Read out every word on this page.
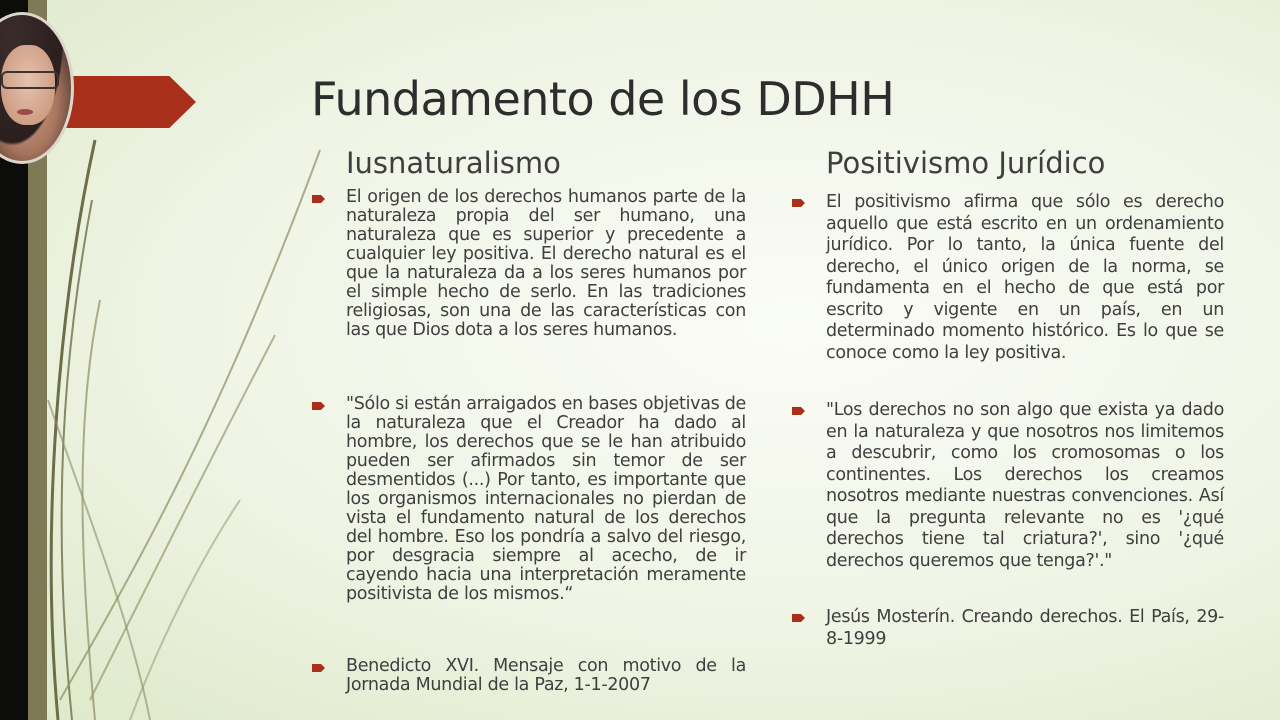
Fundamento de los DDHH
Iusnaturalismo	Positivismo Jurídico

El origen de los derechos humanos parte de la naturaleza propia del ser humano, una naturaleza que es superior y precedente a cualquier ley positiva. El derecho natural es el que la naturaleza da a los seres humanos por el simple hecho de serlo. En las tradiciones religiosas, son una de las características con las que Dios dota a los seres humanos.

"Sólo si están arraigados en bases objetivas de la naturaleza que el Creador ha dado al hombre, los derechos que se le han atribuido pueden ser afirmados sin temor de ser desmentidos (...) Por tanto, es importante que los organismos internacionales no pierdan de vista el fundamento natural de los derechos del hombre. Eso los pondría a salvo del riesgo, por desgracia siempre al acecho, de ir cayendo hacia una interpretación meramente positivista de los mismos.“

Benedicto XVI. Mensaje con motivo de la Jornada Mundial de la Paz, 1-1-2007

El positivismo afirma que sólo es derecho aquello que está escrito en un ordenamiento jurídico. Por lo tanto, la única fuente del derecho, el único origen de la norma, se fundamenta en el hecho de que está por escrito y vigente en un país, en un determinado momento histórico. Es lo que se conoce como la ley positiva.

"Los derechos no son algo que exista ya dado en la naturaleza y que nosotros nos limitemos a descubrir, como los cromosomas o los continentes. Los derechos los creamos nosotros mediante nuestras convenciones. Así que la pregunta relevante no es '¿qué derechos tiene tal criatura?', sino '¿qué derechos queremos que tenga?'."

Jesús Mosterín. Creando derechos. El País, 29-8-1999
